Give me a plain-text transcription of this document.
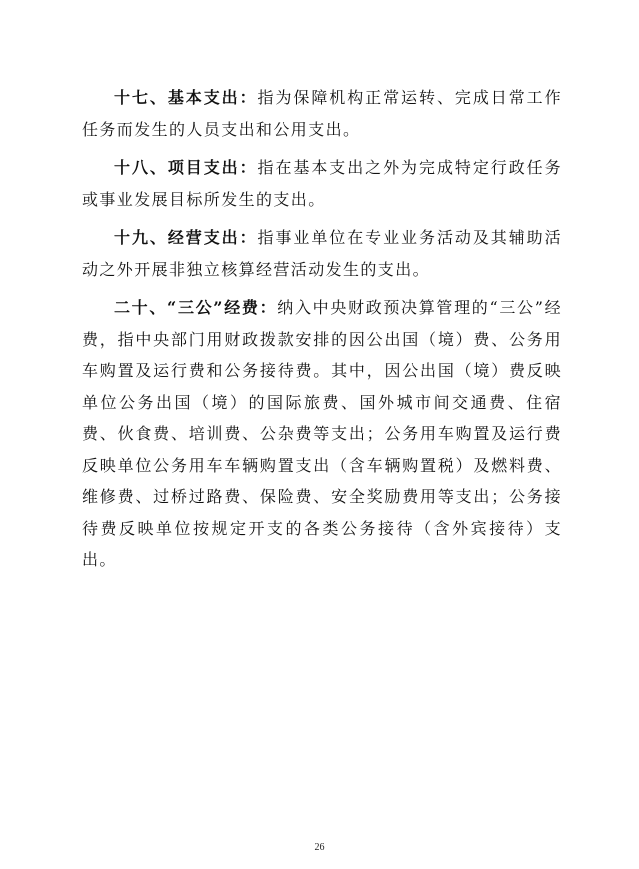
十七、基本支出：指为保障机构正常运转、完成日常工作任务而发生的人员支出和公用支出。

十八、项目支出：指在基本支出之外为完成特定行政任务或事业发展目标所发生的支出。

十九、经营支出：指事业单位在专业业务活动及其辅助活动之外开展非独立核算经营活动发生的支出。

二十、“三公”经费：纳入中央财政预决算管理的“三公”经费，指中央部门用财政拨款安排的因公出国（境）费、公务用车购置及运行费和公务接待费。其中，因公出国（境）费反映单位公务出国（境）的国际旅费、国外城市间交通费、住宿费、伙食费、培训费、公杂费等支出；公务用车购置及运行费反映单位公务用车车辆购置支出（含车辆购置税）及燃料费、维修费、过桥过路费、保险费、安全奖励费用等支出；公务接待费反映单位按规定开支的各类公务接待（含外宾接待）支出。

26
